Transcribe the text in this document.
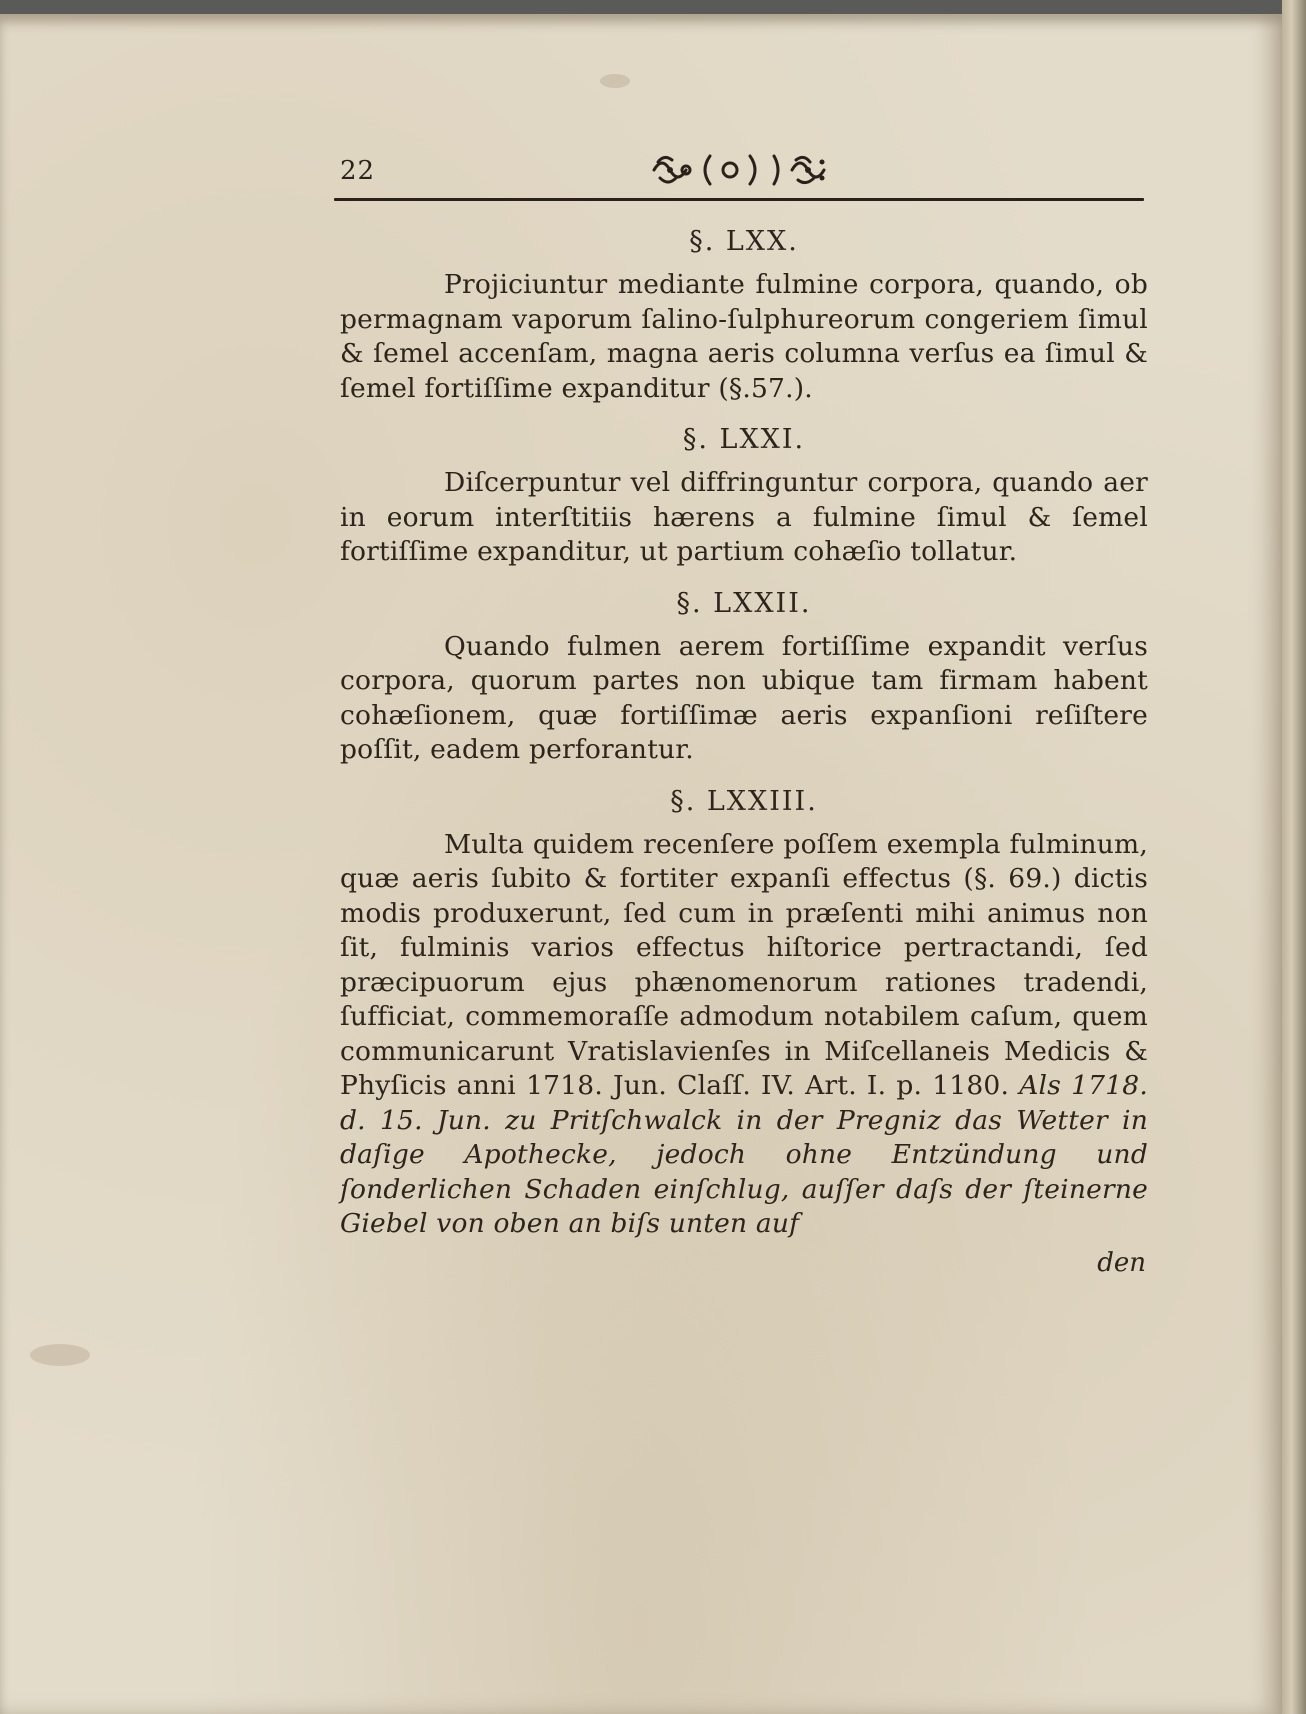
22
§. LXX.

Projiciuntur mediante fulmine corpora, quando, ob permagnam vaporum ſalino-ſulphureorum congeriem ſimul & ſemel accenſam, magna aeris columna verſus ea ſimul & ſemel fortiſſime expanditur (§.57.).

§. LXXI.

Diſcerpuntur vel diffringuntur corpora, quando aer in eorum interſtitiis hærens a fulmine ſimul & ſemel fortiſſime expanditur, ut partium cohæſio tollatur.

§. LXXII.

Quando fulmen aerem fortiſſime expandit verſus corpora, quorum partes non ubique tam firmam habent cohæſionem, quæ fortiſſimæ aeris expanſioni reſiſtere poſſit, eadem perforantur.

§. LXXIII.

Multa quidem recenſere poſſem exempla fulminum, quæ aeris ſubito & fortiter expanſi effectus (§. 69.) dictis modis produxerunt, ſed cum in præſenti mihi animus non ſit, fulminis varios effectus hiſtorice pertractandi, ſed præcipuorum ejus phænomenorum rationes tradendi, ſufficiat, commemoraſſe admodum notabilem caſum, quem communicarunt Vratislavienſes in Miſcellaneis Medicis & Phyſicis anni 1718. Jun. Claſſ. IV. Art. I. p. 1180. Als 1718. d. 15. Jun. zu Pritſchwalck in der Pregniz das Wetter in daſige Apothecke, jedoch ohne Entzündung und ſonderlichen Schaden einſchlug, auſſer daſs der ſteinerne Giebel von oben an biſs unten auf

den
